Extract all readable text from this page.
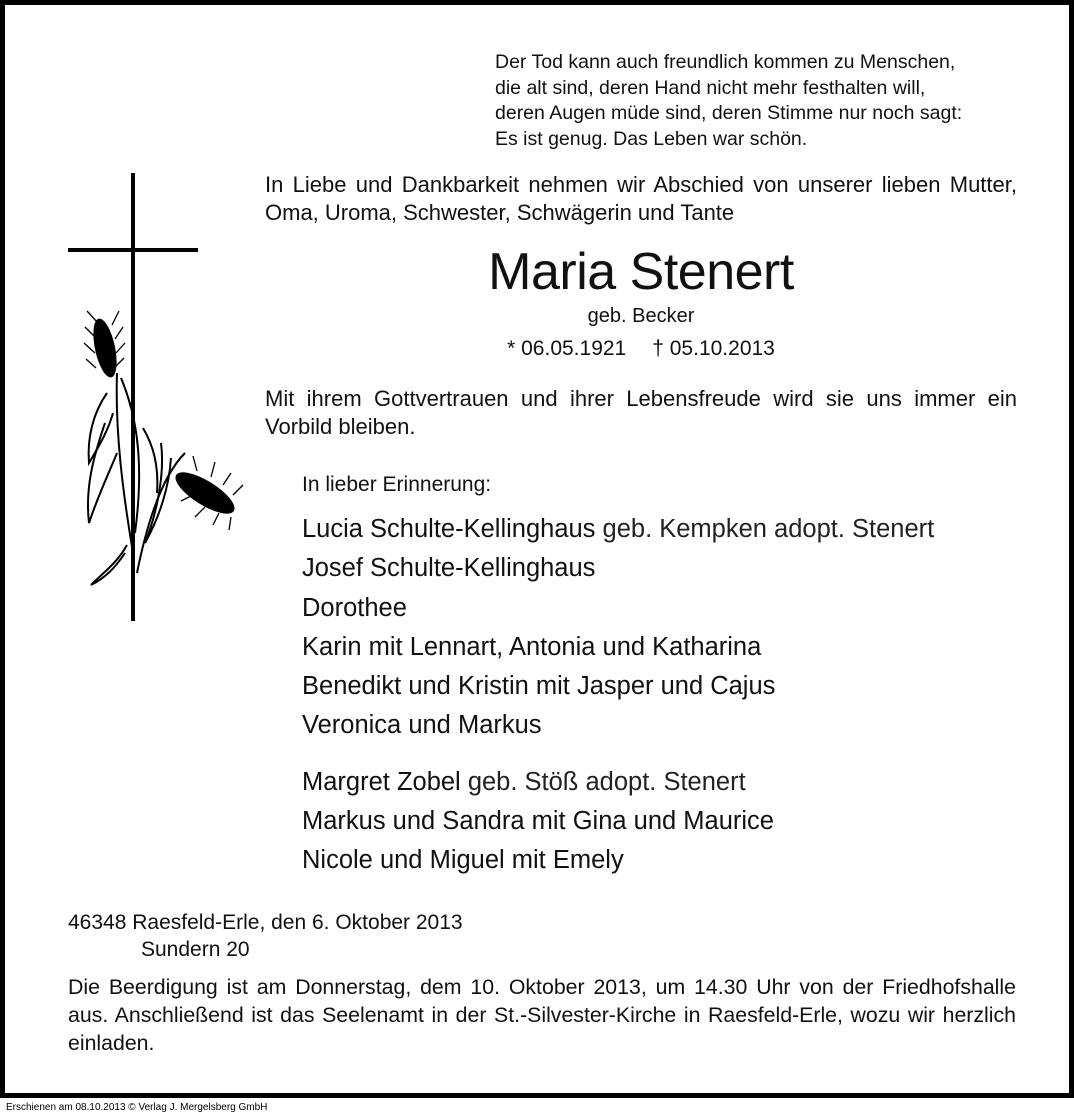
Der Tod kann auch freundlich kommen zu Menschen,
die alt sind, deren Hand nicht mehr festhalten will,
deren Augen müde sind, deren Stimme nur noch sagt:
Es ist genug. Das Leben war schön.

In Liebe und Dankbarkeit nehmen wir Abschied von unserer lieben Mutter, Oma, Uroma, Schwester, Schwägerin und Tante

Maria Stenert
geb. Becker
* 06.05.1921 † 05.10.2013

Mit ihrem Gottvertrauen und ihrer Lebensfreude wird sie uns immer ein Vorbild bleiben.

In lieber Erinnerung:
Lucia Schulte-Kellinghaus geb. Kempken adopt. Stenert
Josef Schulte-Kellinghaus
Dorothee
Karin mit Lennart, Antonia und Katharina
Benedikt und Kristin mit Jasper und Cajus
Veronica und Markus
Margret Zobel geb. Stöß adopt. Stenert
Markus und Sandra mit Gina und Maurice
Nicole und Miguel mit Emely
46348 Raesfeld-Erle, den 6. Oktober 2013
Sundern 20

Die Beerdigung ist am Donnerstag, dem 10. Oktober 2013, um 14.30 Uhr von der Friedhofshalle aus. Anschließend ist das Seelenamt in der St.-Silvester-Kirche in Raesfeld-Erle, wozu wir herzlich einladen.

Erschienen am 08.10.2013 © Verlag J. Mergelsberg GmbH
